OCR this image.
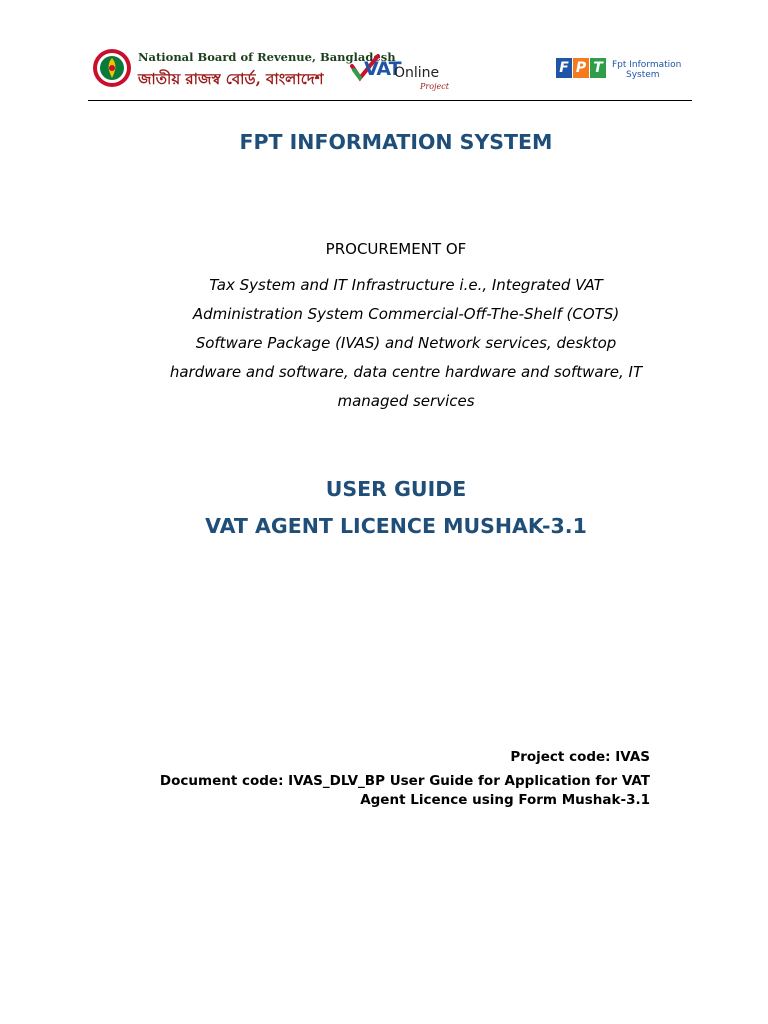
National Board of Revenue, Bangladesh
জাতীয় রাজস্ব বোর্ড, বাংলাদেশ VAT
Online
Project
F P T	Fpt Information
System
FPT INFORMATION SYSTEM
PROCUREMENT OF
Tax System and IT Infrastructure i.e., Integrated VAT
Administration System Commercial-Off-The-Shelf (COTS)
Software Package (IVAS) and Network services, desktop
hardware and software, data centre hardware and software, IT
managed services
USER GUIDE
VAT AGENT LICENCE MUSHAK-3.1
Project code: IVAS
Document code: IVAS_DLV_BP User Guide for Application for VAT
Agent Licence using Form Mushak-3.1
